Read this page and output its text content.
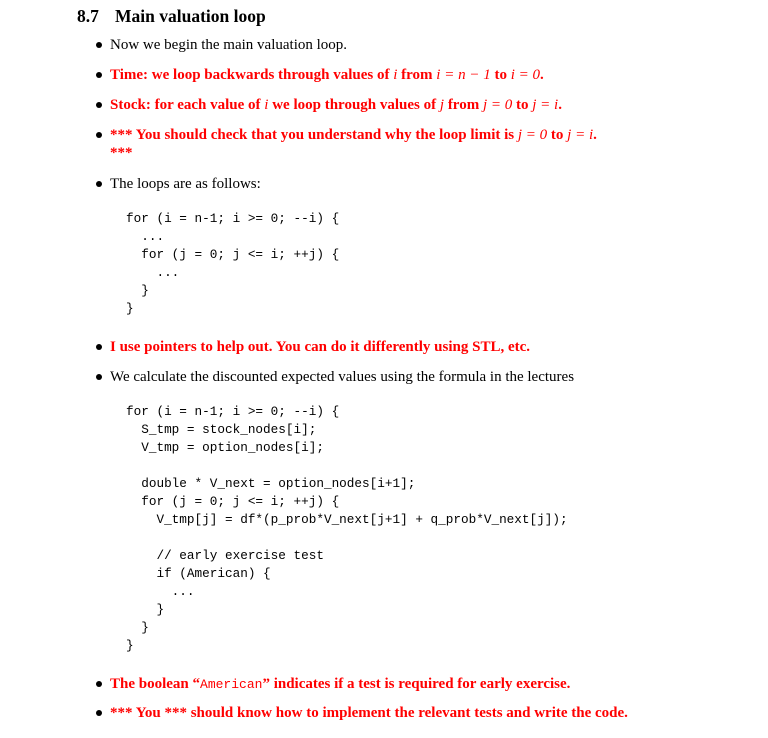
8.7 Main valuation loop
Now we begin the main valuation loop.
Time: we loop backwards through values of i from i = n − 1 to i = 0.
Stock: for each value of i we loop through values of j from j = 0 to j = i.
*** You should check that you understand why the loop limit is j = 0 to j = i.
***
The loops are as follows:
for (i = n-1; i >= 0; --i) {
...
for (j = 0; j <= i; ++j) {
...
}
}
I use pointers to help out. You can do it differently using STL, etc.
We calculate the discounted expected values using the formula in the lectures
for (i = n-1; i >= 0; --i) {
S_tmp = stock_nodes[i];
V_tmp = option_nodes[i];

double * V_next = option_nodes[i+1];
for (j = 0; j <= i; ++j) {
V_tmp[j] = df*(p_prob*V_next[j+1] + q_prob*V_next[j]);

// early exercise test
if (American) {
...
}
}
}
The boolean “American” indicates if a test is required for early exercise.
*** You *** should know how to implement the relevant tests and write the code.
